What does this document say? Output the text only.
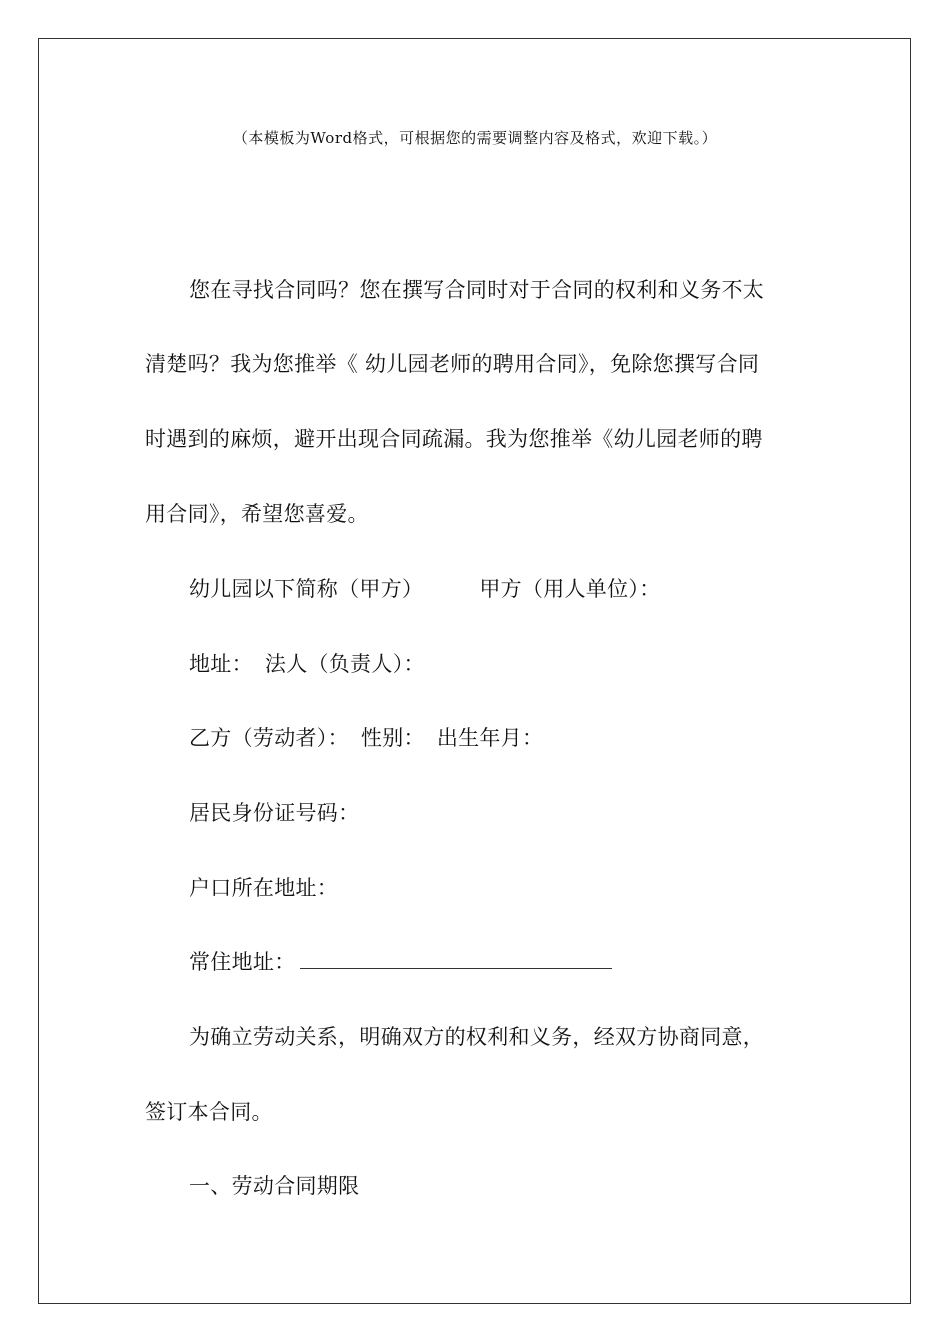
（本模板为Word格式，可根据您的需要调整内容及格式，欢迎下载。）
您在寻找合同吗？您在撰写合同时对于合同的权利和义务不太
清楚吗？我为您推举《 幼儿园老师的聘用合同》，免除您撰写合同
时遇到的麻烦，避开出现合同疏漏。我为您推举《幼儿园老师的聘
用合同》，希望您喜爱。
幼儿园以下简称（甲方）	甲方（用人单位）：
地址： 法人（负责人）：
乙方（劳动者）： 性别： 出生年月：
居民身份证号码：
户口所在地址：
常住地址：
为确立劳动关系，明确双方的权利和义务，经双方协商同意，
签订本合同。
一、劳动合同期限
